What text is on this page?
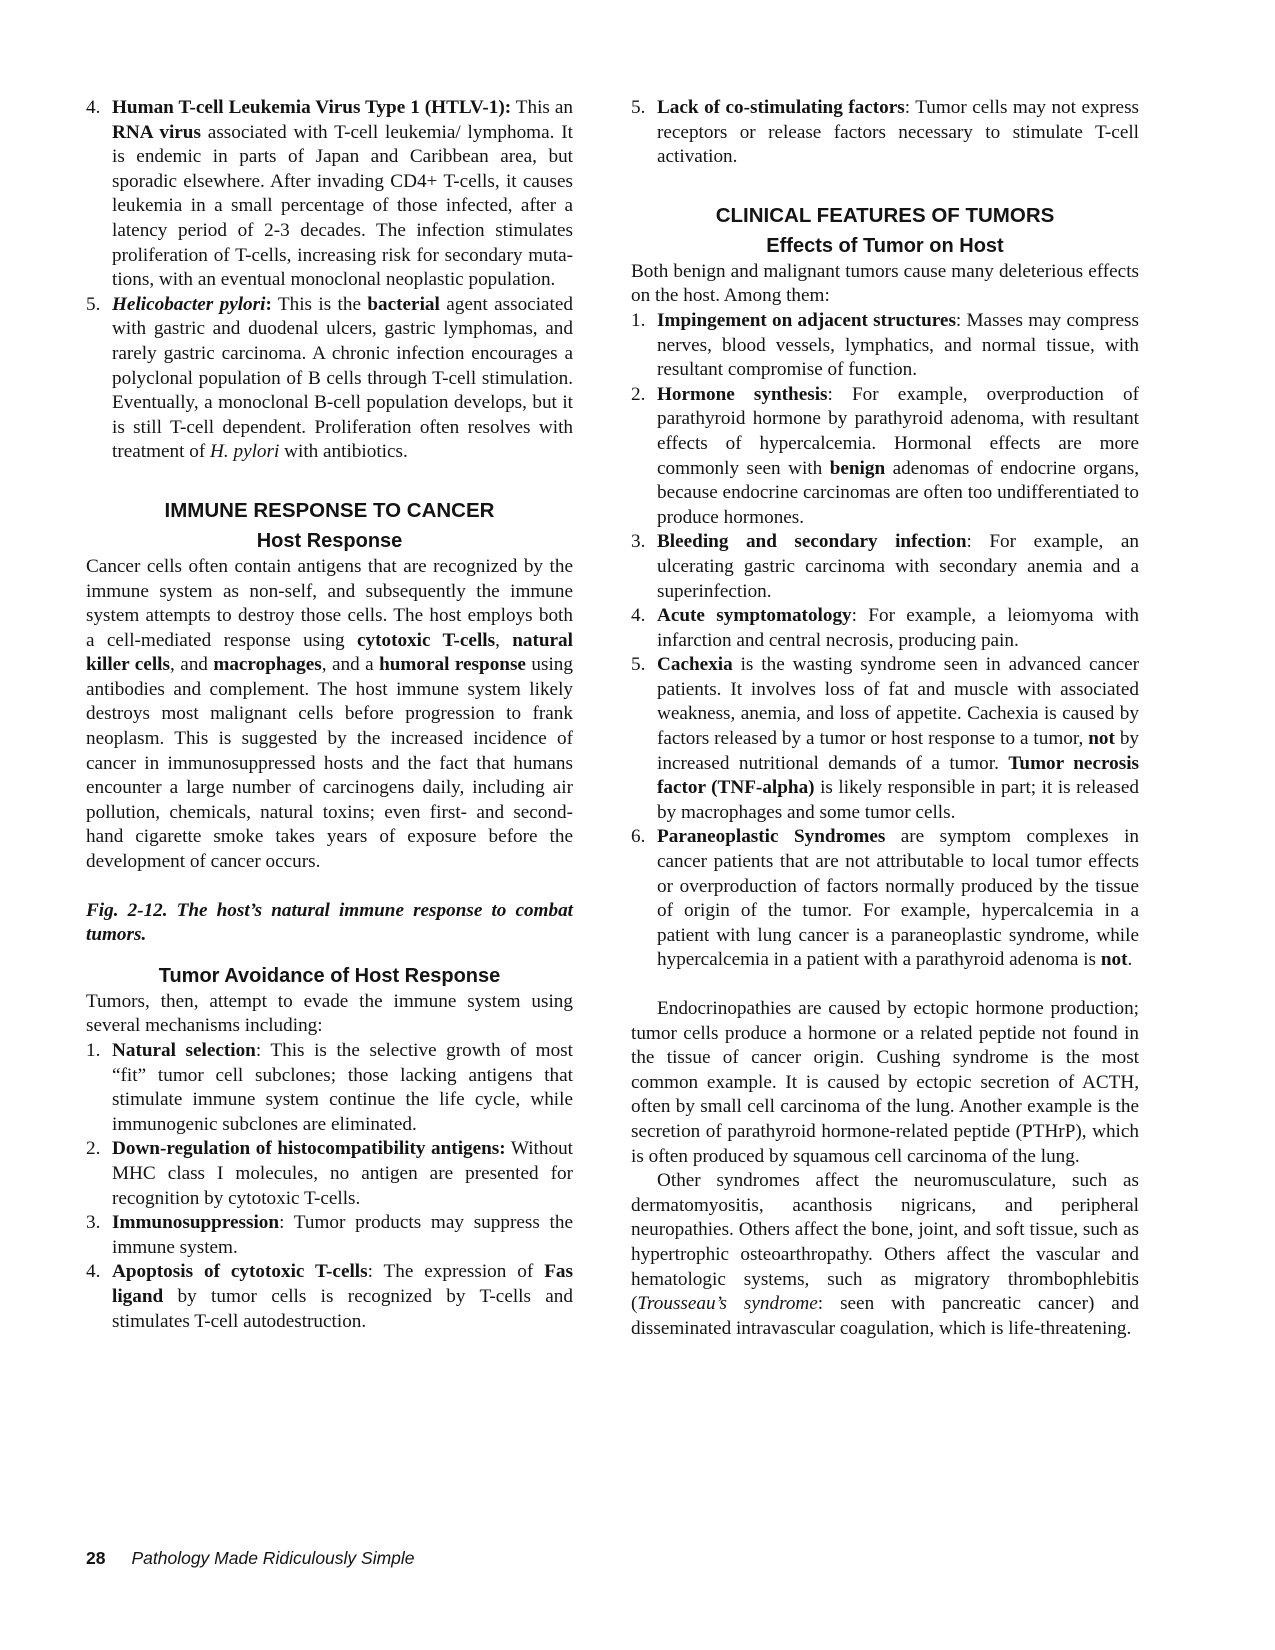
4. Human T-cell Leukemia Virus Type 1 (HTLV-1): This an RNA virus associated with T-cell leukemia/ lymphoma. It is endemic in parts of Japan and Caribbean area, but sporadic elsewhere. After invading CD4+ T-cells, it causes leukemia in a small percentage of those infected, after a latency period of 2-3 decades. The infection stimulates proliferation of T-cells, increasing risk for secondary mutations, with an eventual monoclonal neoplastic population.
5. Helicobacter pylori: This is the bacterial agent associated with gastric and duodenal ulcers, gastric lymphomas, and rarely gastric carcinoma. A chronic infection encourages a polyclonal population of B cells through T-cell stimulation. Eventually, a monoclonal B-cell population develops, but it is still T-cell dependent. Proliferation often resolves with treatment of H. pylori with antibiotics.
IMMUNE RESPONSE TO CANCER
Host Response

Cancer cells often contain antigens that are recognized by the immune system as non-self, and subsequently the immune system attempts to destroy those cells. The host employs both a cell-mediated response using cytotoxic T-cells, natural killer cells, and macrophages, and a humoral response using antibodies and complement. The host immune system likely destroys most malignant cells before progression to frank neoplasm. This is suggested by the increased incidence of cancer in immunosuppressed hosts and the fact that humans encounter a large number of carcinogens daily, including air pollution, chemicals, natural toxins; even first- and second-hand cigarette smoke takes years of exposure before the development of cancer occurs.

Fig. 2-12. The host’s natural immune response to combat tumors.

Tumor Avoidance of Host Response

Tumors, then, attempt to evade the immune system using several mechanisms including:

1. Natural selection: This is the selective growth of most “fit” tumor cell subclones; those lacking antigens that stimulate immune system continue the life cycle, while immunogenic subclones are eliminated.
2. Down-regulation of histocompatibility antigens: Without MHC class I molecules, no antigen are presented for recognition by cytotoxic T-cells.
3. Immunosuppression: Tumor products may suppress the immune system.
4. Apoptosis of cytotoxic T-cells: The expression of Fas ligand by tumor cells is recognized by T-cells and stimulates T-cell autodestruction.
5. Lack of co-stimulating factors: Tumor cells may not express receptors or release factors necessary to stimulate T-cell activation.
CLINICAL FEATURES OF TUMORS
Effects of Tumor on Host

Both benign and malignant tumors cause many deleterious effects on the host. Among them:

1. Impingement on adjacent structures: Masses may compress nerves, blood vessels, lymphatics, and normal tissue, with resultant compromise of function.
2. Hormone synthesis: For example, overproduction of parathyroid hormone by parathyroid adenoma, with resultant effects of hypercalcemia. Hormonal effects are more commonly seen with benign adenomas of endocrine organs, because endocrine carcinomas are often too undifferentiated to produce hormones.
3. Bleeding and secondary infection: For example, an ulcerating gastric carcinoma with secondary anemia and a superinfection.
4. Acute symptomatology: For example, a leiomyoma with infarction and central necrosis, producing pain.
5. Cachexia is the wasting syndrome seen in advanced cancer patients. It involves loss of fat and muscle with associated weakness, anemia, and loss of appetite. Cachexia is caused by factors released by a tumor or host response to a tumor, not by increased nutritional demands of a tumor. Tumor necrosis factor (TNF-alpha) is likely responsible in part; it is released by macrophages and some tumor cells.
6. Paraneoplastic Syndromes are symptom complexes in cancer patients that are not attributable to local tumor effects or overproduction of factors normally produced by the tissue of origin of the tumor. For example, hypercalcemia in a patient with lung cancer is a paraneoplastic syndrome, while hypercalcemia in a patient with a parathyroid adenoma is not.

Endocrinopathies are caused by ectopic hormone production; tumor cells produce a hormone or a related peptide not found in the tissue of cancer origin. Cushing syndrome is the most common example. It is caused by ectopic secretion of ACTH, often by small cell carcinoma of the lung. Another example is the secretion of parathyroid hormone-related peptide (PTHrP), which is often produced by squamous cell carcinoma of the lung.

Other syndromes affect the neuromusculature, such as dermatomyositis, acanthosis nigricans, and peripheral neuropathies. Others affect the bone, joint, and soft tissue, such as hypertrophic osteoarthropathy. Others affect the vascular and hematologic systems, such as migratory thrombophlebitis (Trousseau’s syndrome: seen with pancreatic cancer) and disseminated intravascular coagulation, which is life-threatening.

28 Pathology Made Ridiculously Simple
